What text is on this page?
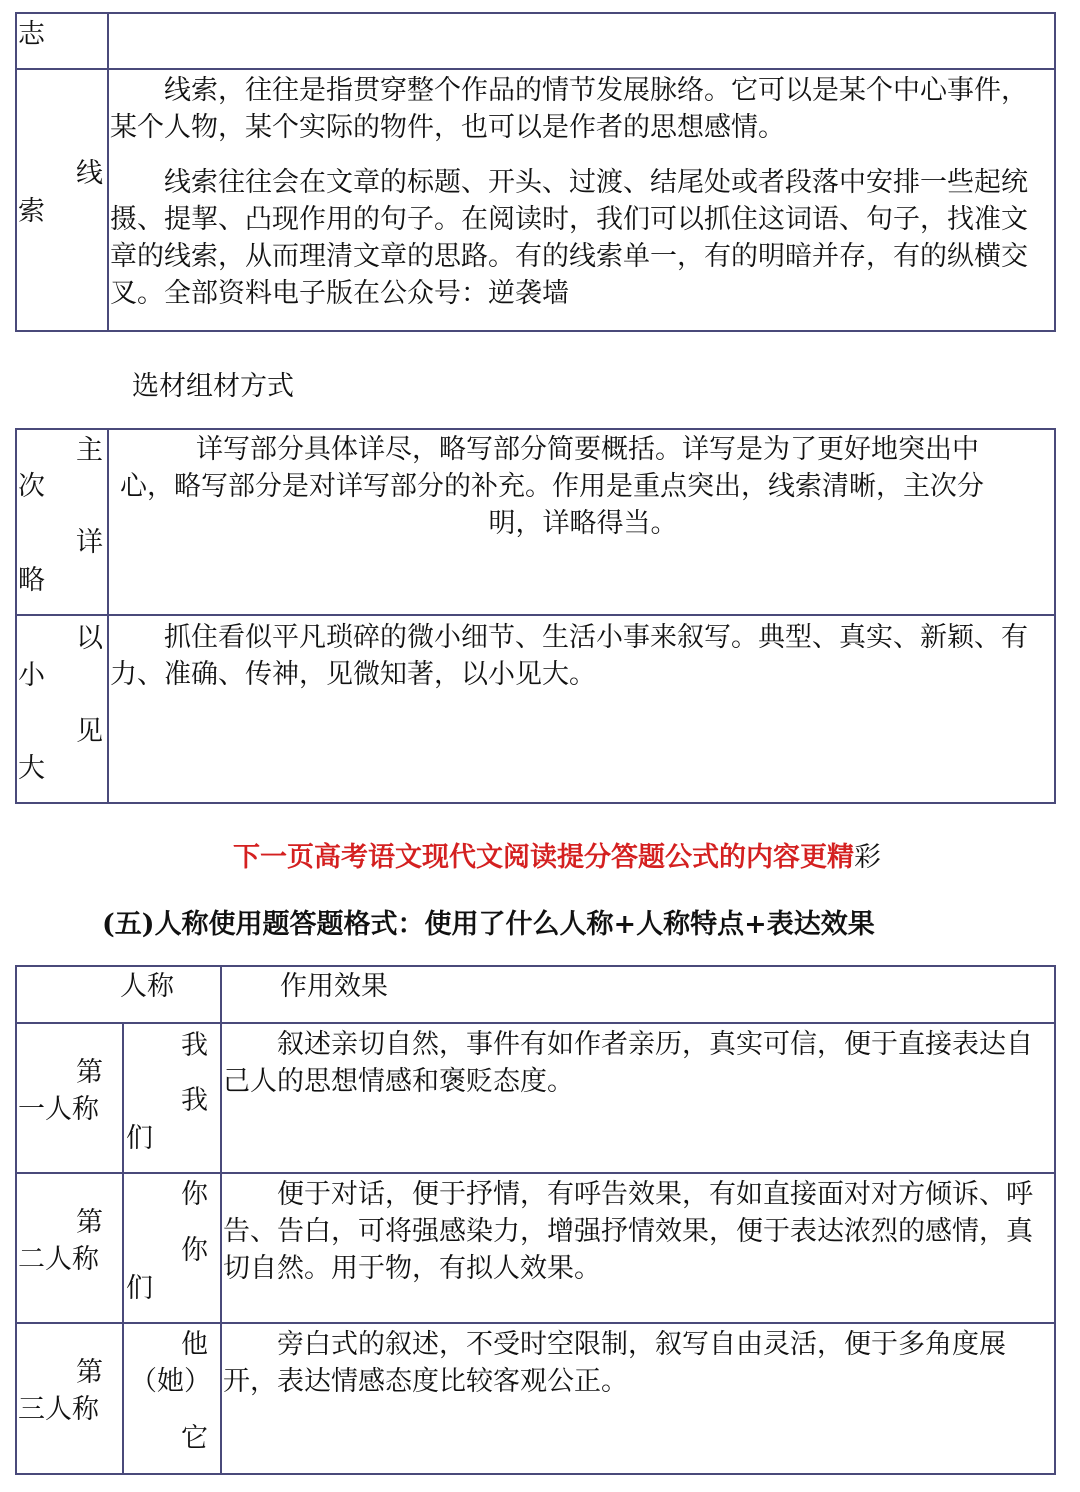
志
线
索
线索，往往是指贯穿整个作品的情节发展脉络。它可以是某个中心事件，某个人物，某个实际的物件，也可以是作者的思想感情。
线索往往会在文章的标题、开头、过渡、结尾处或者段落中安排一些起统摄、提挈、凸现作用的句子。在阅读时，我们可以抓住这词语、句子，找准文章的线索，从而理清文章的思路。有的线索单一，有的明暗并存，有的纵横交叉。全部资料电子版在公众号：逆袭墙
选材组材方式
主
次
详
略
详写部分具体详尽，略写部分简要概括。详写是为了更好地突出中
心，略写部分是对详写部分的补充。作用是重点突出，线索清晰，主次分
明，详略得当。
以
小
见
大
抓住看似平凡琐碎的微小细节、生活小事来叙写。典型、真实、新颖、有力、准确、传神，见微知著，以小见大。
下一页高考语文现代文阅读提分答题公式的内容更精彩
(五)人称使用题答题格式：使用了什么人称+人称特点+表达效果
人称	作用效果
第
一人称
我
我
们
叙述亲切自然，事件有如作者亲历，真实可信，便于直接表达自己人的思想情感和褒贬态度。
第
二人称
你
你
们
便于对话，便于抒情，有呼告效果，有如直接面对对方倾诉、呼告、告白，可将强感染力，增强抒情效果，便于表达浓烈的感情，真切自然。用于物，有拟人效果。
第
三人称
他
（她）
它
旁白式的叙述，不受时空限制，叙写自由灵活，便于多角度展开，表达情感态度比较客观公正。
